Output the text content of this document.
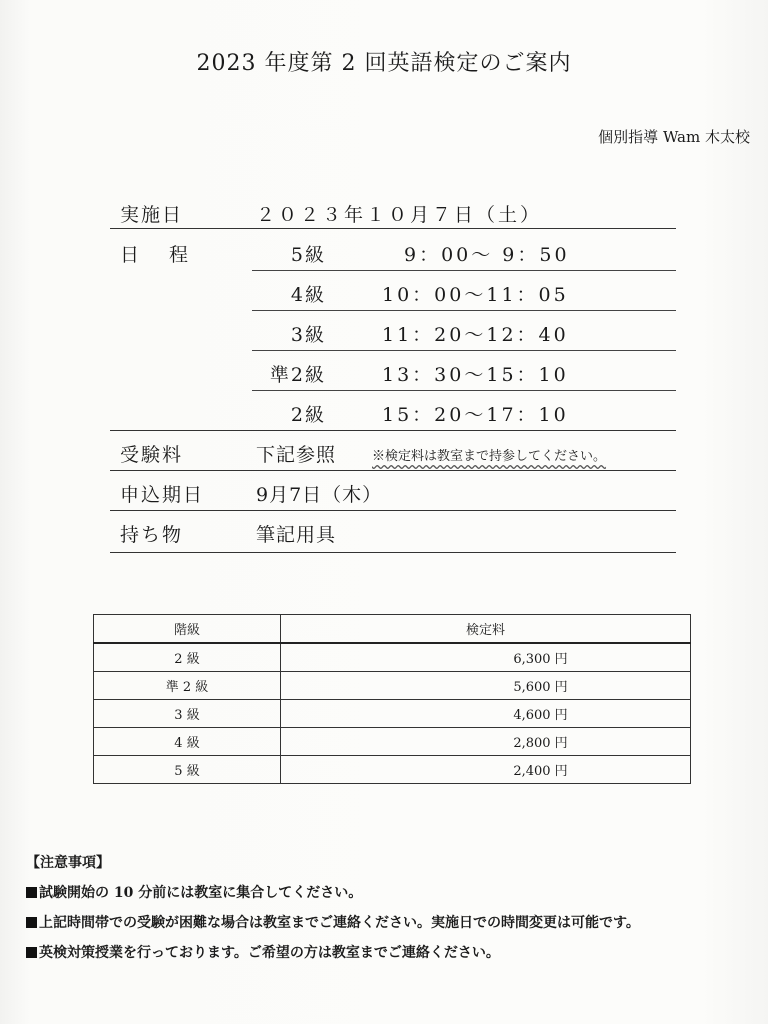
2023 年度第 2 回英語検定のご案内
個別指導 Wam 木太校
実施日	２０２３年１０月７日（土）
日 程	5級	　9：00～ 9：50
4級	10：00～11：05
3級	11：20～12：40
準2級	13：30～15：10
2級	15：20～17：10
受験料	下記参照	※検定料は教室まで持参してください。
申込期日	9月7日（木）
持ち物	筆記用具
階級	検定料
2 級	6,300 円
準 2 級	5,600 円
3 級	4,600 円
4 級	2,800 円
5 級	2,400 円
【注意事項】
試験開始の 10 分前には教室に集合してください。
上記時間帯での受験が困難な場合は教室までご連絡ください。実施日での時間変更は可能です。
英検対策授業を行っております。ご希望の方は教室までご連絡ください。
